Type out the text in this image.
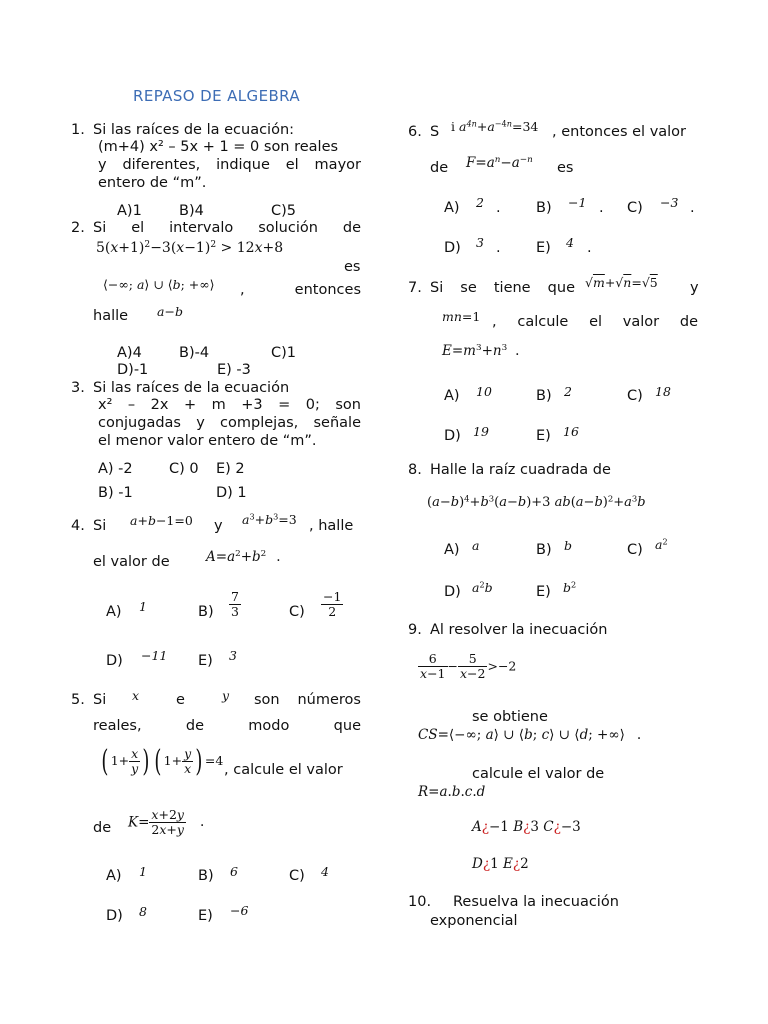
REPASO DE ALGEBRA
1. Si las raíces de la ecuación:
(m+4) x² – 5x + 1 = 0 son reales
y diferentes, indique el mayor
entero de “m”.
A)1	B)4	C)5
2. Si el intervalo solución de
$5(x+1)^2-3(x-1)^2 > 12x+8$
es
⟨−∞; a⟩ ∪ ⟨b; +∞⟩ , entonces
halle a−b
A)4	B)-4	C)1
D)-1	E) -3
3. Si las raíces de la ecuación
x² – 2x + m +3 = 0; son
conjugadas y complejas, señale
el menor valor entero de “m”.
A) -2	C) 0 E) 2
B) -1	D) 1
4. Si a+b−1=0 y $a^3+b^3=3$ , halle
el valor de	$A=a^2+b^2$ .
A) 1	$B) \frac{7}{3}$	$C) \frac{-1}{2}$
D) −11 E) 3
5. Si x	e	y son números
reales, de modo que
( $1+ \frac{x}{y}$ ) ( $1+ \frac{y}{x}$ ) =4
, calcule el valor
de $K= \frac{x+2y}{2x+y}$ .
A) 1	B) 6	C) 4
D) 8	E) −6
6. S i $a^{4n}+a^{-4n}=34$ , entonces el valor
de $F=a^n-a^{-n}$ es
A) 2 . B) −1 . C) −3 .
D) 3 . E) 4 .
7. Si se tiene que √m+√n=√5 y
mn=1 , calcule el valor de
$E=m^3+n^3$ .
A) 10	B) 2	C) 18
D) 19	E) 16
8. Halle la raíz cuadrada de
$(a-b)^4+b^3(a-b)+3$ $ab(a-b)^2+a^3b$
A) a	B) b	C) $a^2$
D) $a^2b$	E) $b^2$
9. Al resolver la inecuación
$\frac{6}{x-1} - \frac{5}{x-2} >-2$
se obtiene
CS=⟨−∞; a⟩ ∪ ⟨b; c⟩ ∪ ⟨d; +∞⟩ .
calcule el valor de
R=a.b.c.d
A¿−1 B¿3 C¿−3
D¿1 E¿2
10. Resuelva la inecuación
exponencial
